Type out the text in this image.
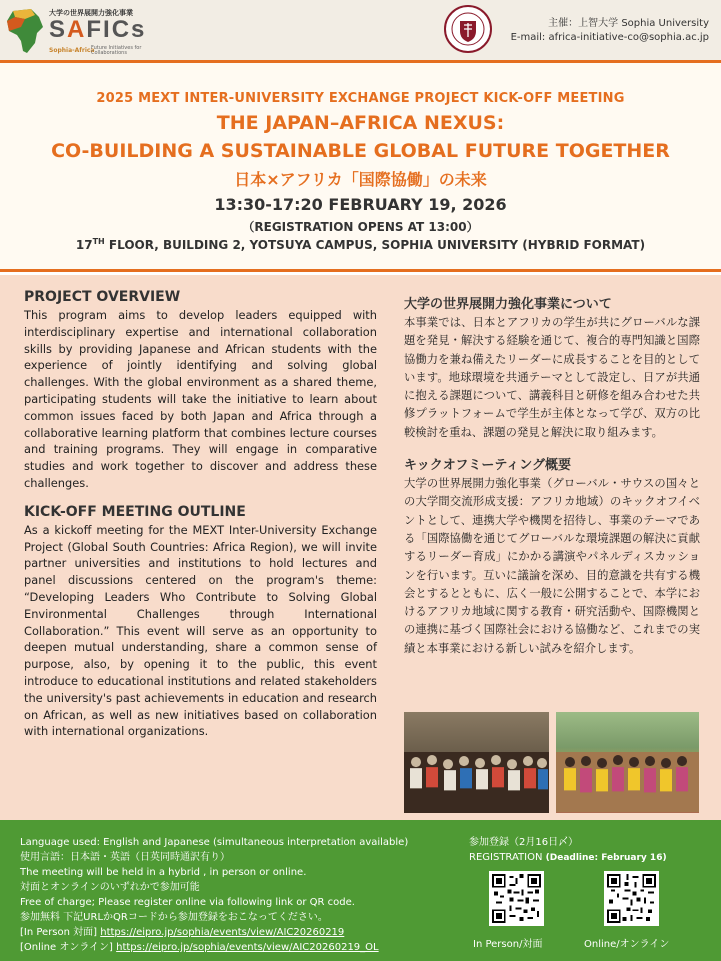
大学の世界展開力強化事業
SAFICs
Sophia-Africa
Future Initiatives for
Collaborations
主催：上智大学 Sophia University
E-mail: africa-initiative-co@sophia.ac.jp
2025 MEXT INTER-UNIVERSITY EXCHANGE PROJECT KICK-OFF MEETING
THE JAPAN–AFRICA NEXUS:
CO-BUILDING A SUSTAINABLE GLOBAL FUTURE TOGETHER
日本×アフリカ「国際協働」の未来
13:30-17:20 FEBRUARY 19, 2026
（REGISTRATION OPENS AT 13:00）
17TH FLOOR, BUILDING 2, YOTSUYA CAMPUS, SOPHIA UNIVERSITY (HYBRID FORMAT)
PROJECT OVERVIEW
This program aims to develop leaders equipped with interdisciplinary expertise and international collaboration skills by providing Japanese and African students with the experience of jointly identifying and solving global challenges. With the global environment as a shared theme, participating students will take the initiative to learn about common issues faced by both Japan and Africa through a collaborative learning platform that combines lecture courses and training programs. They will engage in comparative studies and work together to discover and address these challenges.
KICK-OFF MEETING OUTLINE
As a kickoff meeting for the MEXT Inter-University Exchange Project (Global South Countries: Africa Region), we will invite partner universities and institutions to hold lectures and panel discussions centered on the program's theme: “Developing Leaders Who Contribute to Solving Global Environmental Challenges through International Collaboration.” This event will serve as an opportunity to deepen mutual understanding, share a common sense of purpose, also, by opening it to the public, this event introduce to educational institutions and related stakeholders the university's past achievements in education and research on African, as well as new initiatives based on collaboration with international organizations.
大学の世界展開力強化事業について
本事業では、日本とアフリカの学生が共にグローバルな課題を発見・解決する経験を通じて、複合的専門知識と国際協働力を兼ね備えたリーダーに成長することを目的としています。地球環境を共通テーマとして設定し、日アが共通に抱える課題について、講義科目と研修を組み合わせた共修プラットフォームで学生が主体となって学び、双方の比較検討を重ね、課題の発見と解決に取り組みます。
キックオフミーティング概要
大学の世界展開力強化事業（グローバル・サウスの国々との大学間交流形成支援：アフリカ地域）のキックオフイベントとして、連携大学や機関を招待し、事業のテーマである「国際協働を通じてグローバルな環境課題の解決に貢献するリーダー育成」にかかる講演やパネルディスカッションを行います。互いに議論を深め、目的意識を共有する機会とするとともに、広く一般に公開することで、本学におけるアフリカ地域に関する教育・研究活動や、国際機関との連携に基づく国際社会における協働など、これまでの実績と本事業における新しい試みを紹介します。
Language used: English and Japanese (simultaneous interpretation available)
使用言語：日本語・英語（日英同時通訳有り）
The meeting will be held in a hybrid , in person or online.
対面とオンラインのいずれかで参加可能
Free of charge; Please register online via following link or QR code.
参加無料 下記URLかQRコードから参加登録をおこなってください。
[In Person 対面] https://eipro.jp/sophia/events/view/AIC20260219
[Online オンライン] https://eipro.jp/sophia/events/view/AIC20260219_OL
参加登録（2月16日〆）
REGISTRATION (Deadline: February 16)
In Person/対面	Online/オンライン
